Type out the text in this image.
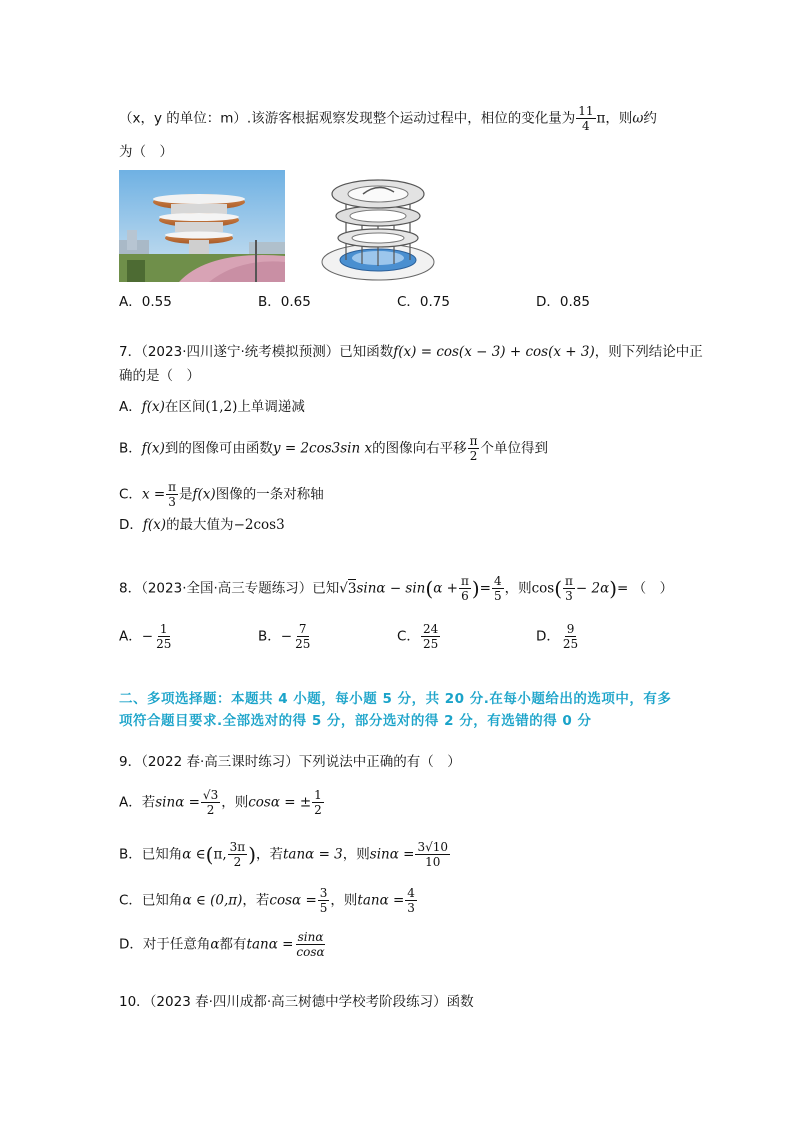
（x，y 的单位：m）.该游客根据观察发现整个运动过程中，相位的变化量为 $\frac{11}{4}$ π，则ω约
为（　）
A．0.55	B．0.65	C．0.75	D．0.85
7．（2023·四川遂宁·统考模拟预测）已知函数f(x) = cos(x − 3) + cos(x + 3)，则下列结论中正
确的是（　）
A．f(x)在区间(1,2)上单调递减
B．f(x)到的图像可由函数y = 2cos3sin x的图像向右平移 $\frac{\pi}{2}$ 个单位得到
C．$x = \frac{\pi}{3}$ 是f(x)图像的一条对称轴
D．f(x)的最大值为−2cos3
8．（2023·全国·高三专题练习）已知$√3\sin\alpha - \sin(\alpha + \frac{\pi}{6}$ )= $\frac{4}{5}$ ，则$\cos( \frac{\pi}{3} - 2\alpha)=$ （　）
A．− $\frac{1}{25}$	B．− $\frac{7}{25}$	C． $\frac{24}{25}$	D． $\frac{9}{25}$
二、多项选择题：本题共 4 小题，每小题 5 分，共 20 分.在每小题给出的选项中，有多项符合题目要求.全部选对的得 5 分，部分选对的得 2 分，有选错的得 0 分
9．（2022 春·高三课时练习）下列说法中正确的有（　）
A．若$\sin\alpha = \frac{√3}{2}$ ，则cosα = ± $\frac{1}{2}$
B．已知角α ∈(π, $\frac{3\pi}{2}$ )，若tanα = 3，则$\sin\alpha = \frac{3√10}{10}$
C．已知角α ∈ (0,π)，若$\cos\alpha = \frac{3}{5}$ ，则$\tan\alpha = \frac{4}{3}$
D．对于任意角α都有$\tan\alpha = \frac{\sin\alpha}{\cos\alpha}$
10．（2023 春·四川成都·高三树德中学校考阶段练习）函数
